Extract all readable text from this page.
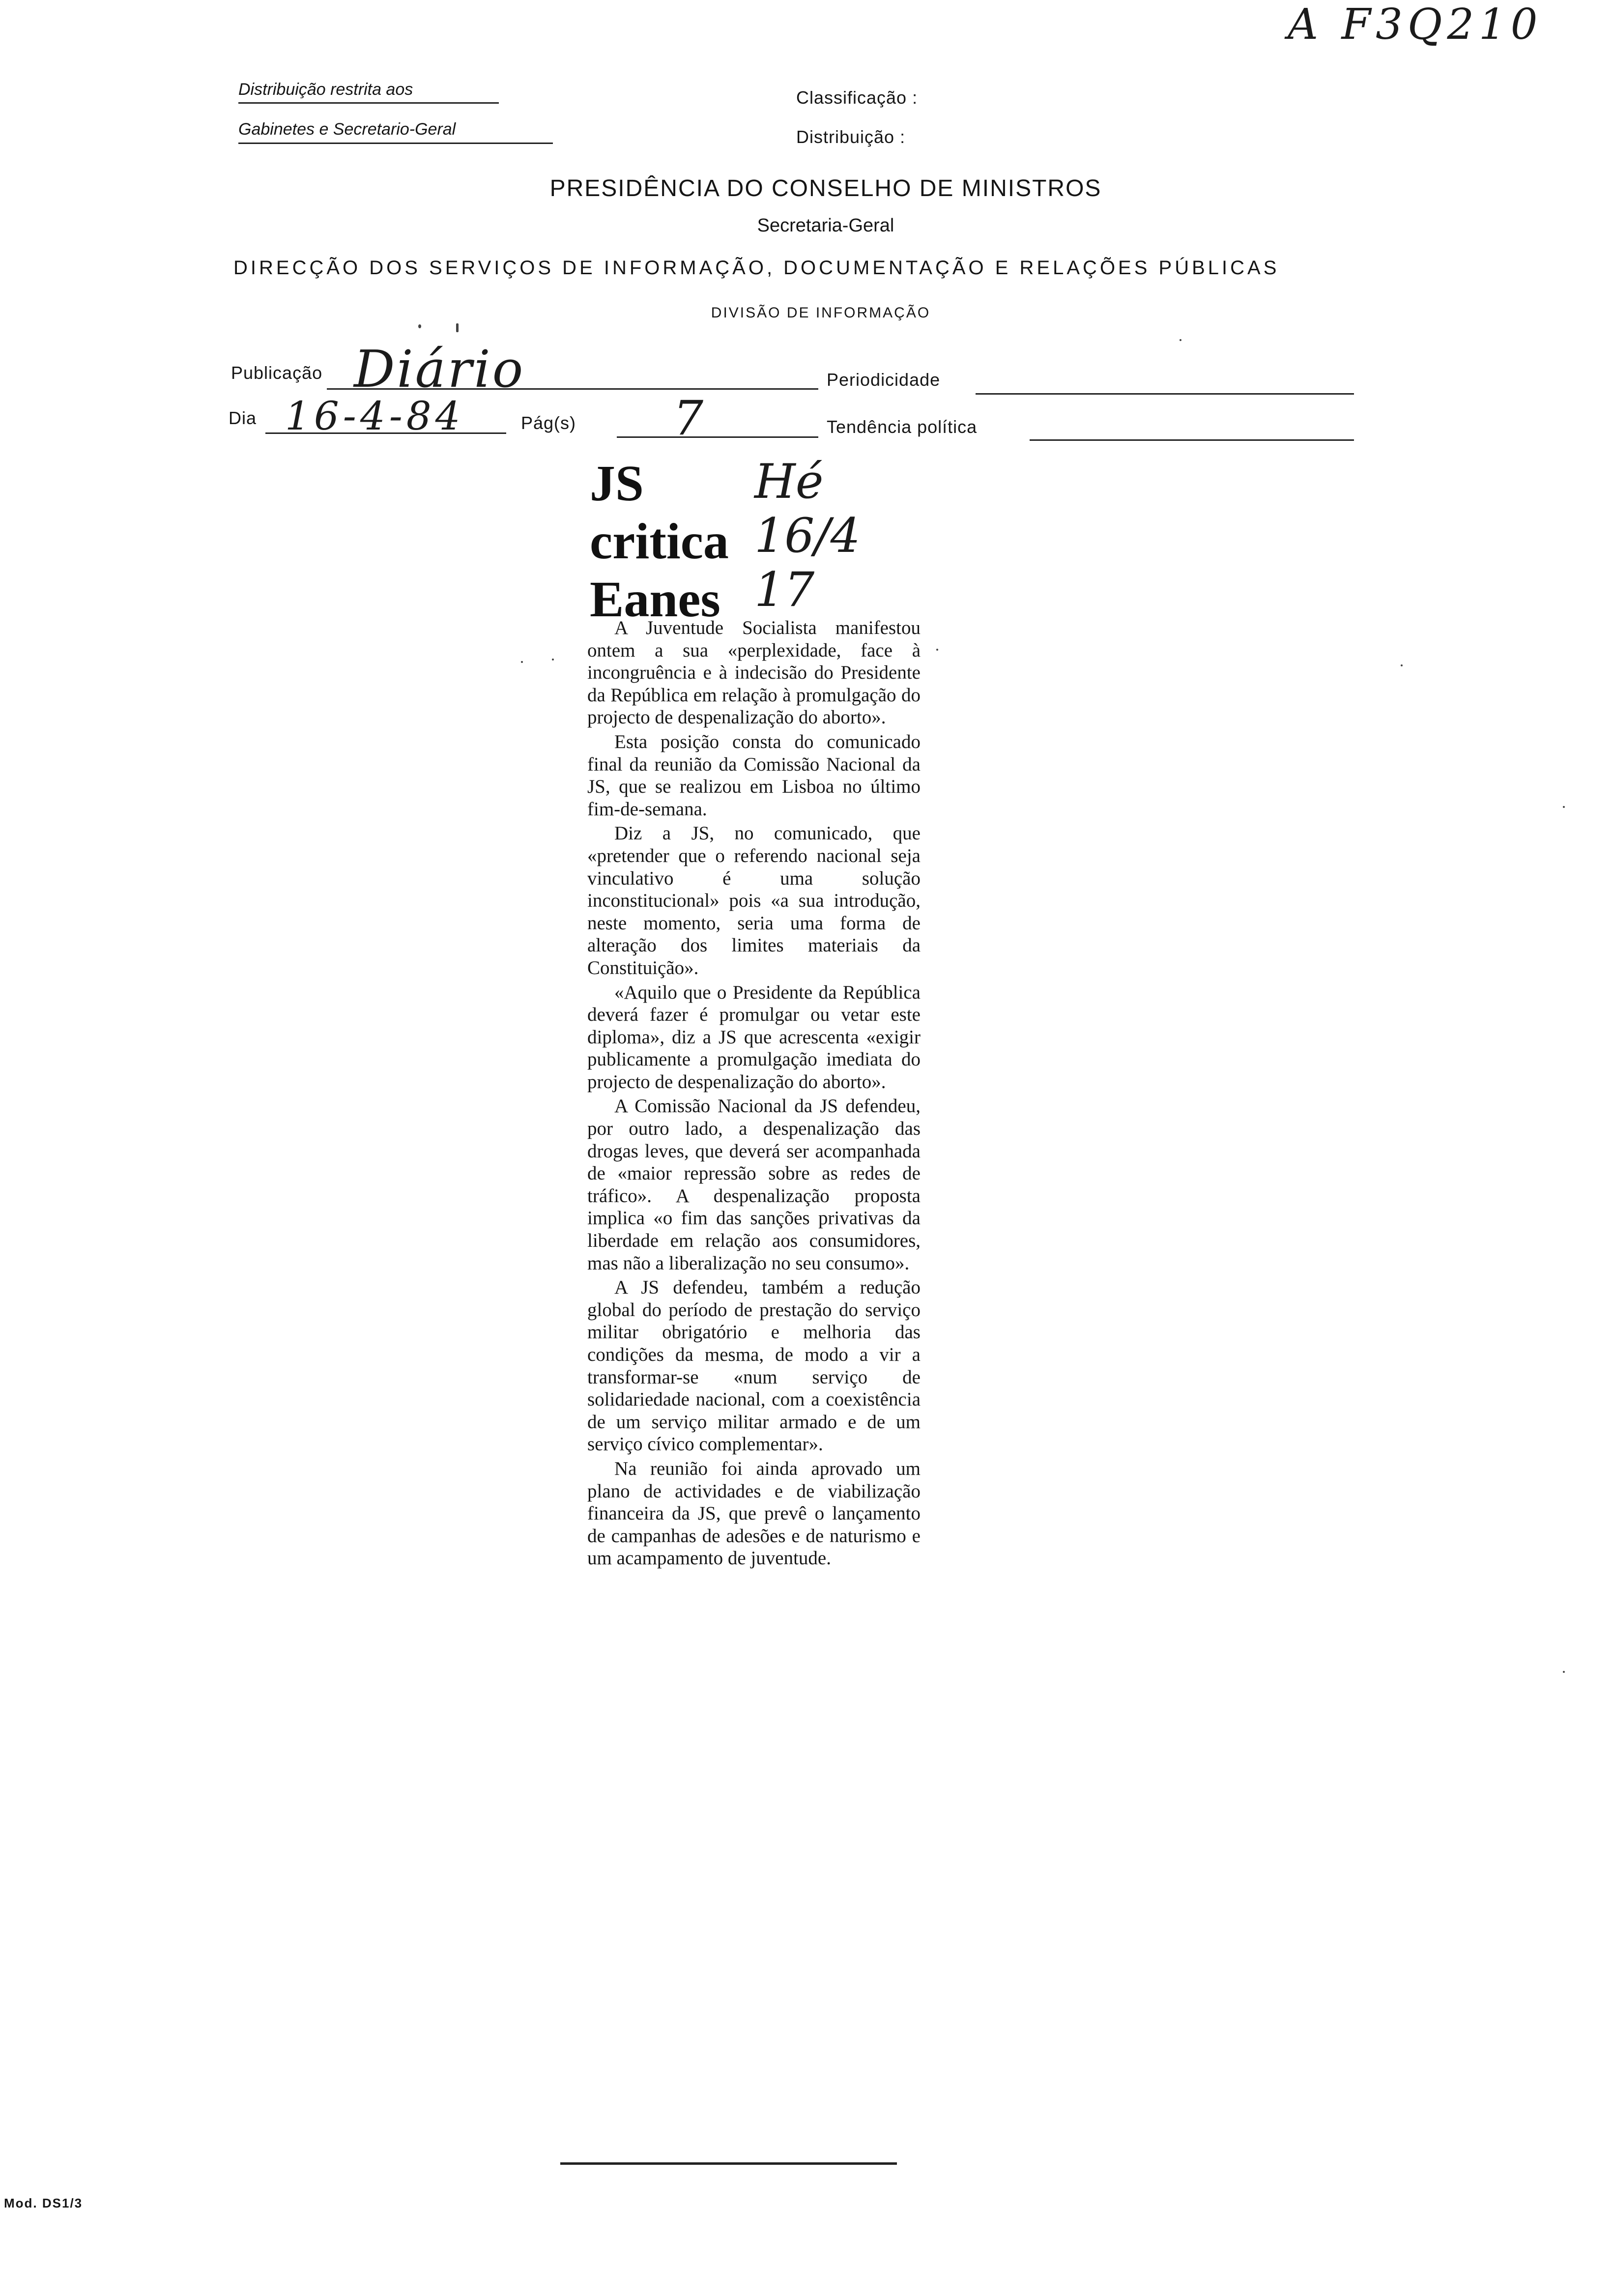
A F3Q210
Distribuição restrita aos
Gabinetes e Secretario-Geral
Classificação :
Distribuição :
PRESIDÊNCIA DO CONSELHO DE MINISTROS
Secretaria-Geral
DIRECÇÃO DOS SERVIÇOS DE INFORMAÇÃO, DOCUMENTAÇÃO E RELAÇÕES PÚBLICAS
DIVISÃO DE INFORMAÇÃO
Publicação Diário	Periodicidade
Dia 16-4-84	Pág(s) 7	Tendência política
JS
critica
Eanes
Hé 16/4 17

A Juventude Socialista manifestou ontem a sua «perplexidade, face à incongruência e à indecisão do Presidente da República em relação à promulgação do projecto de despenalização do aborto».

Esta posição consta do comunicado final da reunião da Comissão Nacional da JS, que se realizou em Lisboa no último fim-de-semana.

Diz a JS, no comunicado, que «pretender que o referendo nacional seja vinculativo é uma solução inconstitucional» pois «a sua introdução, neste momento, seria uma forma de alteração dos limites materiais da Constituição».

«Aquilo que o Presidente da República deverá fazer é promulgar ou vetar este diploma», diz a JS que acrescenta «exigir publicamente a promulgação imediata do projecto de despenalização do aborto».

A Comissão Nacional da JS defendeu, por outro lado, a despenalização das drogas leves, que deverá ser acompanhada de «maior repressão sobre as redes de tráfico». A despenalização proposta implica «o fim das sanções privativas da liberdade em relação aos consumidores, mas não a liberalização no seu consumo».

A JS defendeu, também a redução global do período de prestação do serviço militar obrigatório e melhoria das condições da mesma, de modo a vir a transformar-se «num serviço de solidariedade nacional, com a coexistência de um serviço militar armado e de um serviço cívico complementar».

Na reunião foi ainda aprovado um plano de actividades e de viabilização financeira da JS, que prevê o lançamento de campanhas de adesões e de naturismo e um acampamento de juventude.

Mod. DS1/3
